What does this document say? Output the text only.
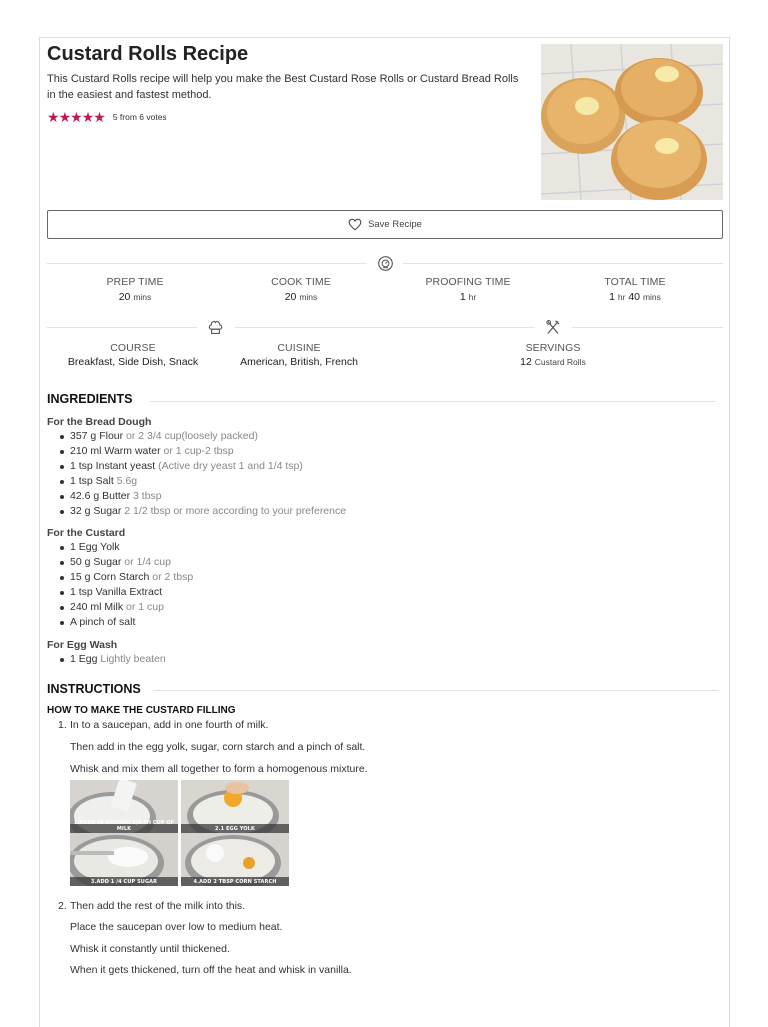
Custard Rolls Recipe
This Custard Rolls recipe will help you make the Best Custard Rose Rolls or Custard Bread Rolls in the easiest and fastest method.
★ ★ ★ ★ ★ 5 from 6 votes
Save Recipe
PREP TIME
20 mins
COOK TIME
20 mins
PROOFING TIME
1 hr
TOTAL TIME
1 hr 40 mins
COURSE
Breakfast, Side Dish, Snack
CUISINE
American, British, French
SERVINGS
12 Custard Rolls
INGREDIENTS
For the Bread Dough
357 g Flour or 2 3/4 cup(loosely packed)
210 ml Warm water or 1 cup-2 tbsp
1 tsp Instant yeast (Active dry yeast 1 and 1/4 tsp)
1 tsp Salt 5.6g
42.6 g Butter 3 tbsp
32 g Sugar 2 1/2 tbsp or more according to your preference
For the Custard
1 Egg Yolk
50 g Sugar or 1/4 cup
15 g Corn Starch or 2 tbsp
1 tsp Vanilla Extract
240 ml Milk or 1 cup
A pinch of salt
For Egg Wash
1 Egg Lightly beaten
INSTRUCTIONS
HOW TO MAKE THE CUSTARD FILLING
1. In to a saucepan, add in one fourth of milk.
Then add in the egg yolk, sugar, corn starch and a pinch of salt.
Whisk and mix them all together to form a homogenous mixture.
1.POUR IN AROUND 1/4 TH CUP OF MILK	2.1 EGG YOLK
3.ADD 1 /4 CUP SUGAR	4.ADD 2 TBSP CORN STARCH
2. Then add the rest of the milk into this.
Place the saucepan over low to medium heat.
Whisk it constantly until thickened.
When it gets thickened, turn off the heat and whisk in vanilla.
